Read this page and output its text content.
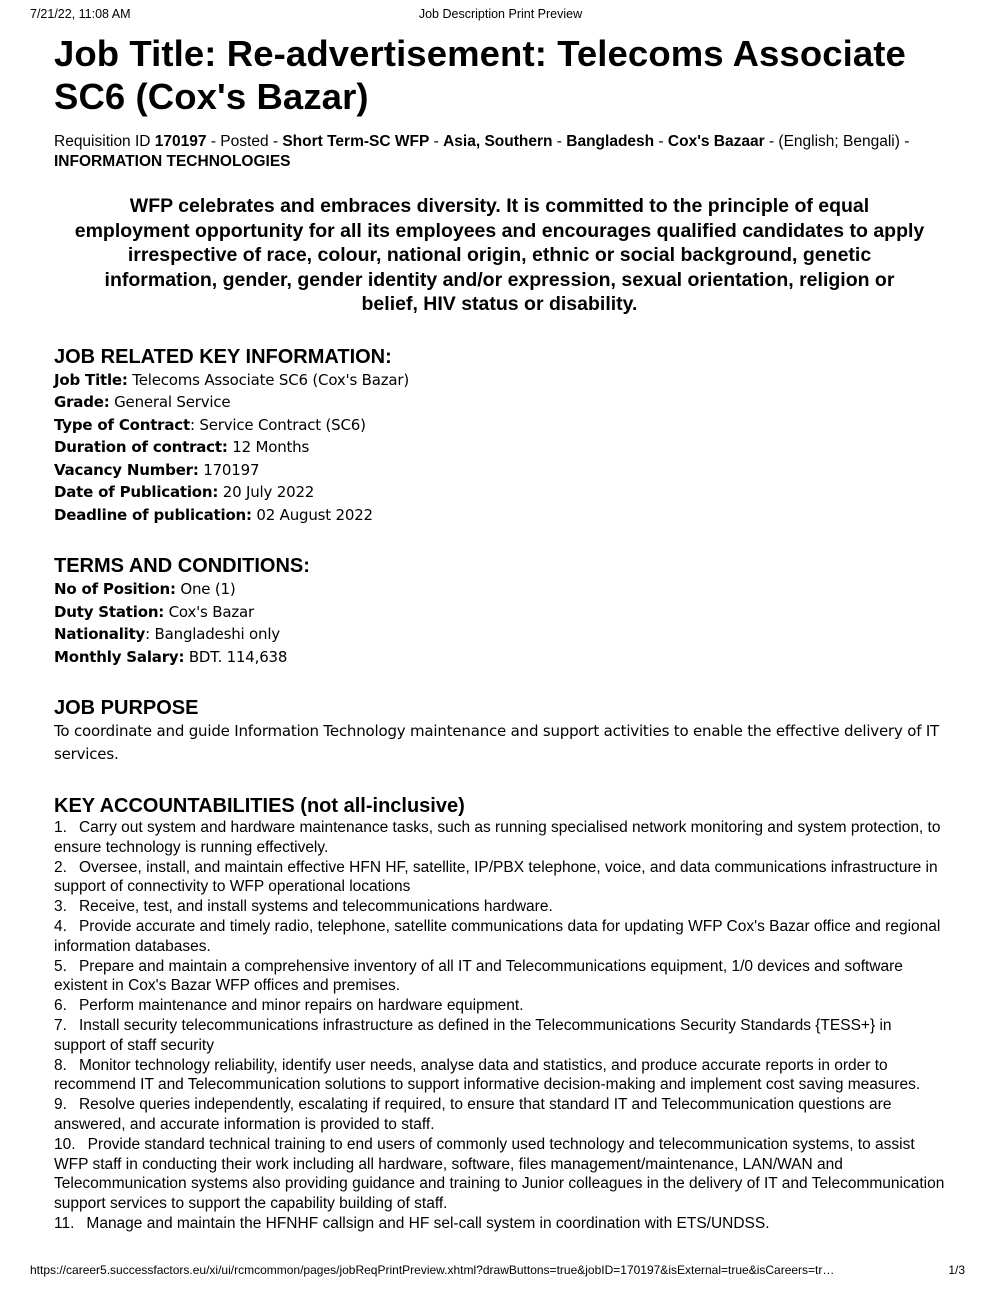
7/21/22, 11:08 AM	Job Description Print Preview
Job Title: Re-advertisement: Telecoms Associate SC6 (Cox's Bazar)

Requisition ID 170197 - Posted - Short Term-SC WFP - Asia, Southern - Bangladesh - Cox's Bazaar - (English; Bengali) - INFORMATION TECHNOLOGIES

WFP celebrates and embraces diversity. It is committed to the principle of equal employment opportunity for all its employees and encourages qualified candidates to apply irrespective of race, colour, national origin, ethnic or social background, genetic information, gender, gender identity and/or expression, sexual orientation, religion or belief, HIV status or disability.
JOB RELATED KEY INFORMATION:

Job Title: Telecoms Associate SC6 (Cox's Bazar)

Grade: General Service

Type of Contract: Service Contract (SC6)

Duration of contract: 12 Months

Vacancy Number: 170197

Date of Publication: 20 July 2022

Deadline of publication: 02 August 2022

TERMS AND CONDITIONS:

No of Position: One (1)

Duty Station: Cox's Bazar

Nationality: Bangladeshi only

Monthly Salary: BDT. 114,638

JOB PURPOSE

To coordinate and guide Information Technology maintenance and support activities to enable the effective delivery of IT services.

KEY ACCOUNTABILITIES (not all-inclusive)
1. Carry out system and hardware maintenance tasks, such as running specialised network monitoring and system protection, to ensure technology is running effectively.
2. Oversee, install, and maintain effective HFN HF, satellite, IP/PBX telephone, voice, and data communications infrastructure in support of connectivity to WFP operational locations
3. Receive, test, and install systems and telecommunications hardware.
4. Provide accurate and timely radio, telephone, satellite communications data for updating WFP Cox's Bazar office and regional information databases.
5. Prepare and maintain a comprehensive inventory of all IT and Telecommunications equipment, 1/0 devices and software existent in Cox's Bazar WFP offices and premises.
6. Perform maintenance and minor repairs on hardware equipment.
7. Install security telecommunications infrastructure as defined in the Telecommunications Security Standards {TESS+} in support of staff security
8. Monitor technology reliability, identify user needs, analyse data and statistics, and produce accurate reports in order to recommend IT and Telecommunication solutions to support informative decision-making and implement cost saving measures.
9. Resolve queries independently, escalating if required, to ensure that standard IT and Telecommunication questions are answered, and accurate information is provided to staff.
10. Provide standard technical training to end users of commonly used technology and telecommunication systems, to assist WFP staff in conducting their work including all hardware, software, files management/maintenance, LAN/WAN and Telecommunication systems also providing guidance and training to Junior colleagues in the delivery of IT and Telecommunication support services to support the capability building of staff.
11. Manage and maintain the HFNHF callsign and HF sel-call system in coordination with ETS/UNDSS.
https://career5.successfactors.eu/xi/ui/rcmcommon/pages/jobReqPrintPreview.xhtml?drawButtons=true&jobID=170197&isExternal=true&isCareers=tr…	1/3
